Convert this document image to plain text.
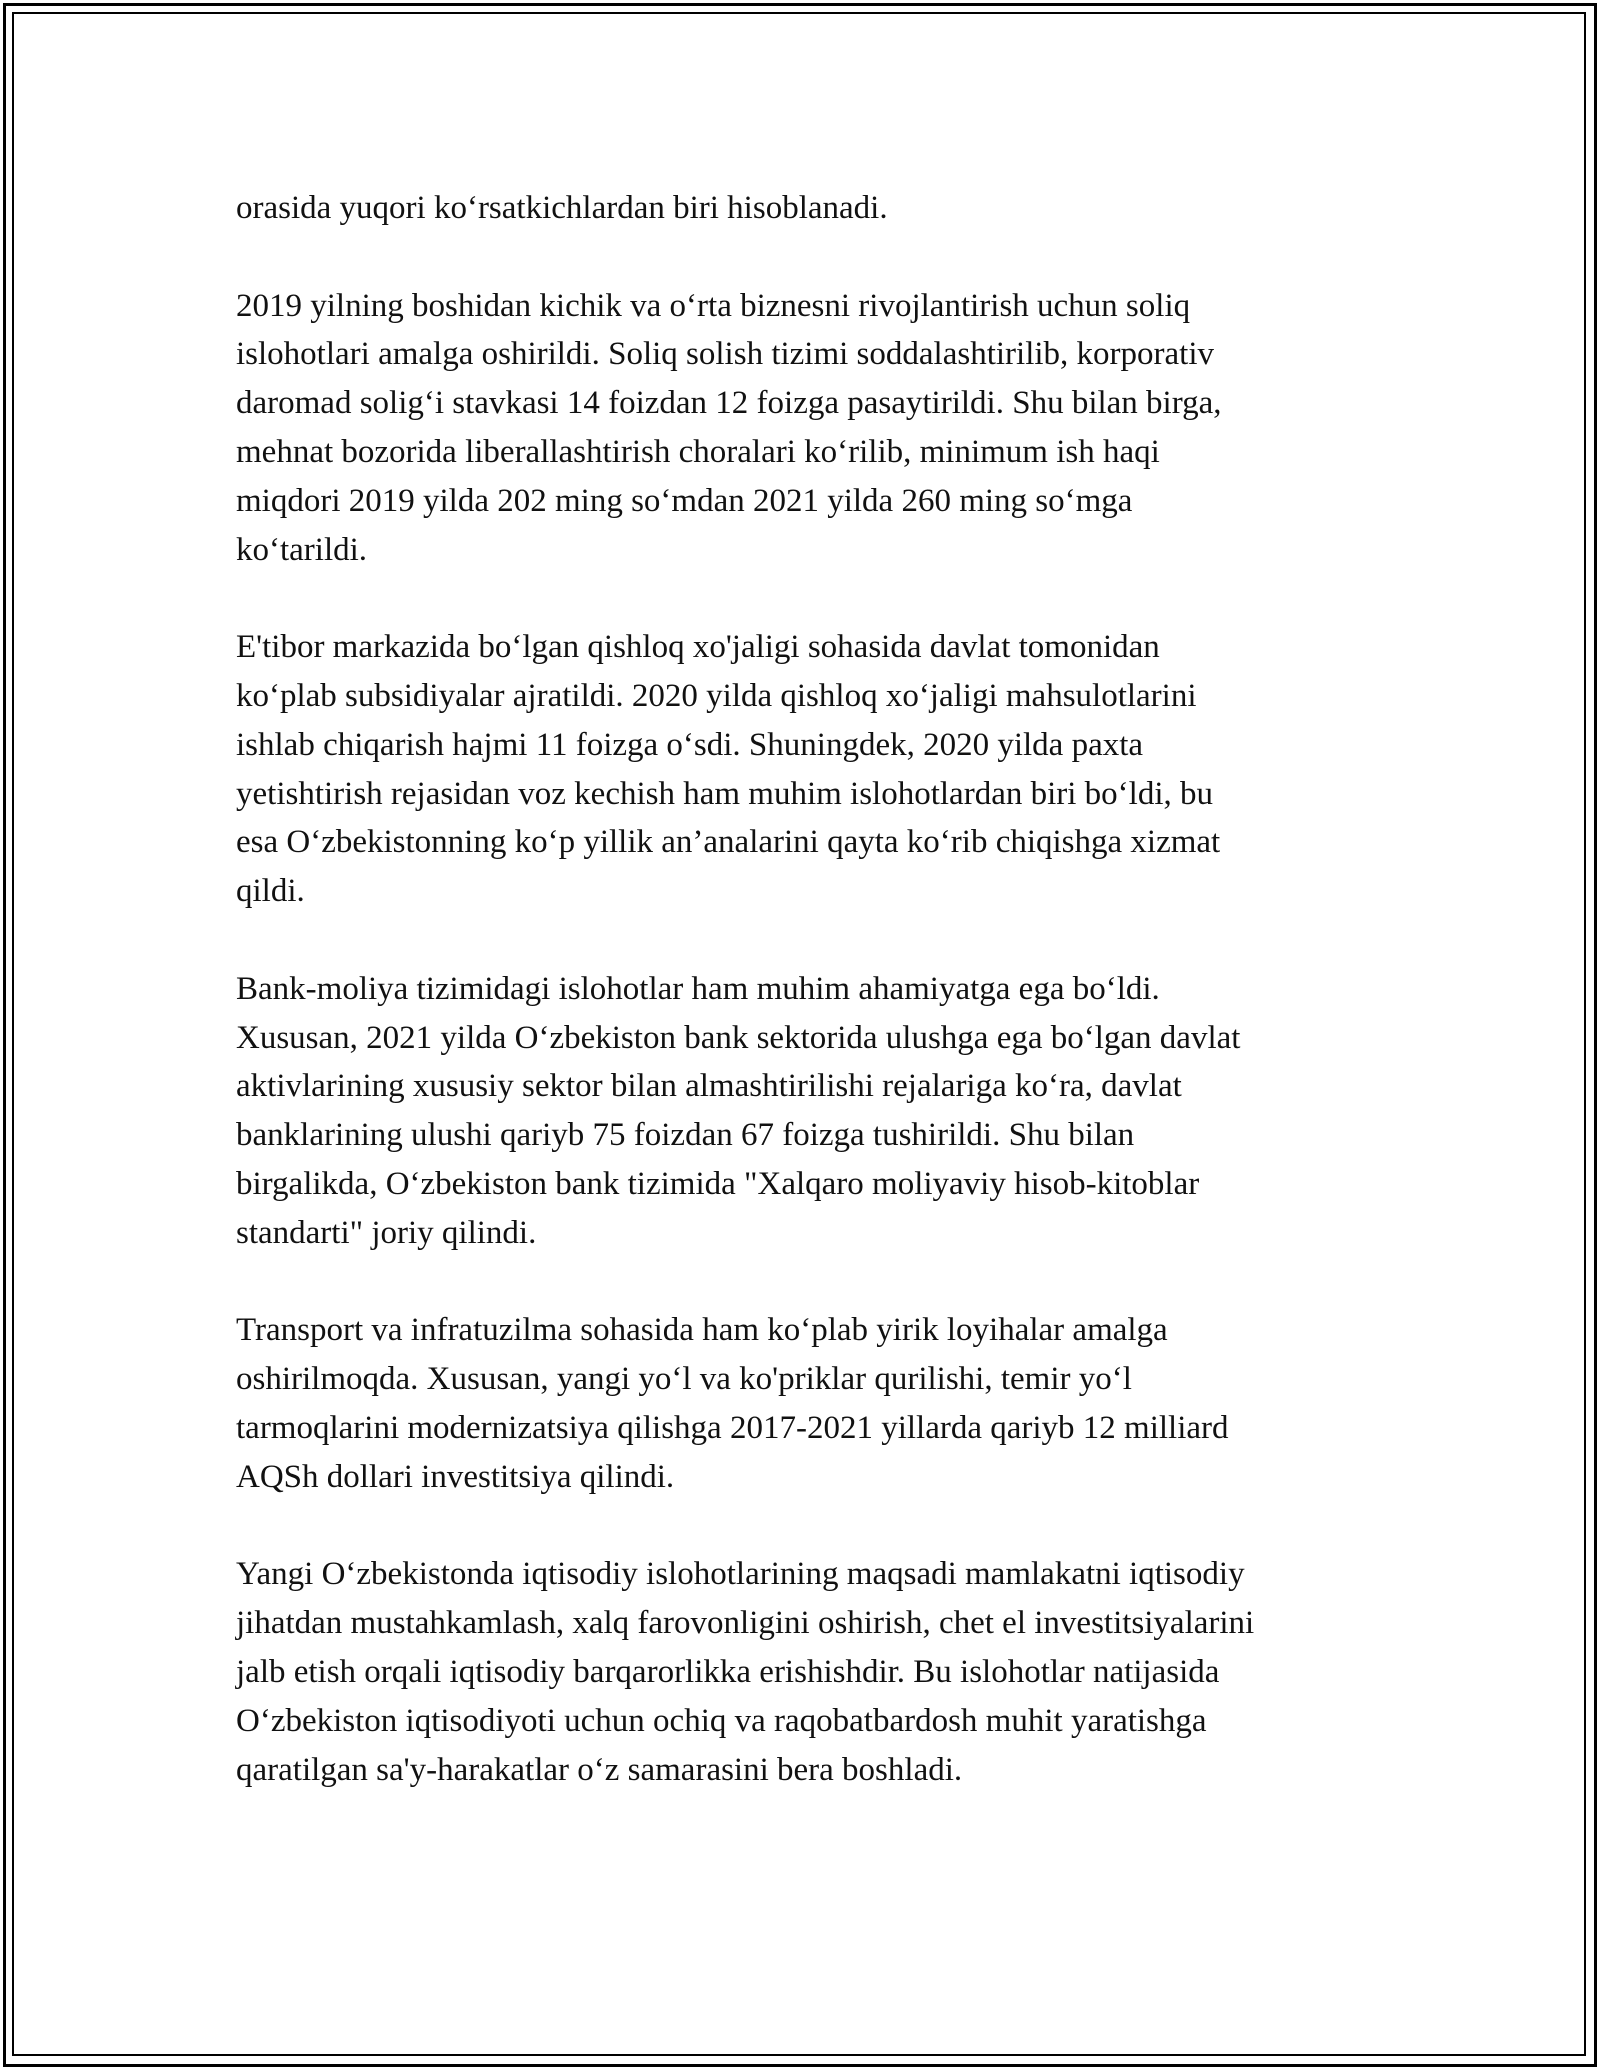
orasida yuqori koʻrsatkichlardan biri hisoblanadi.
2019 yilning boshidan kichik va oʻrta biznesni rivojlantirish uchun soliq
islohotlari amalga oshirildi. Soliq solish tizimi soddalashtirilib, korporativ
daromad soligʻi stavkasi 14 foizdan 12 foizga pasaytirildi. Shu bilan birga,
mehnat bozorida liberallashtirish choralari koʻrilib, minimum ish haqi
miqdori 2019 yilda 202 ming soʻmdan 2021 yilda 260 ming soʻmga
koʻtarildi.
E'tibor markazida boʻlgan qishloq xo'jaligi sohasida davlat tomonidan
koʻplab subsidiyalar ajratildi. 2020 yilda qishloq xoʻjaligi mahsulotlarini
ishlab chiqarish hajmi 11 foizga oʻsdi. Shuningdek, 2020 yilda paxta
yetishtirish rejasidan voz kechish ham muhim islohotlardan biri boʻldi, bu
esa Oʻzbekistonning koʻp yillik an’analarini qayta koʻrib chiqishga xizmat
qildi.
Bank-moliya tizimidagi islohotlar ham muhim ahamiyatga ega boʻldi.
Xususan, 2021 yilda Oʻzbekiston bank sektorida ulushga ega boʻlgan davlat
aktivlarining xususiy sektor bilan almashtirilishi rejalariga koʻra, davlat
banklarining ulushi qariyb 75 foizdan 67 foizga tushirildi. Shu bilan
birgalikda, Oʻzbekiston bank tizimida "Xalqaro moliyaviy hisob-kitoblar
standarti" joriy qilindi.
Transport va infratuzilma sohasida ham koʻplab yirik loyihalar amalga
oshirilmoqda. Xususan, yangi yoʻl va ko'priklar qurilishi, temir yoʻl
tarmoqlarini modernizatsiya qilishga 2017-2021 yillarda qariyb 12 milliard
AQSh dollari investitsiya qilindi.
Yangi Oʻzbekistonda iqtisodiy islohotlarining maqsadi mamlakatni iqtisodiy
jihatdan mustahkamlash, xalq farovonligini oshirish, chet el investitsiyalarini
jalb etish orqali iqtisodiy barqarorlikka erishishdir. Bu islohotlar natijasida
Oʻzbekiston iqtisodiyoti uchun ochiq va raqobatbardosh muhit yaratishga
qaratilgan sa'y-harakatlar oʻz samarasini bera boshladi.
